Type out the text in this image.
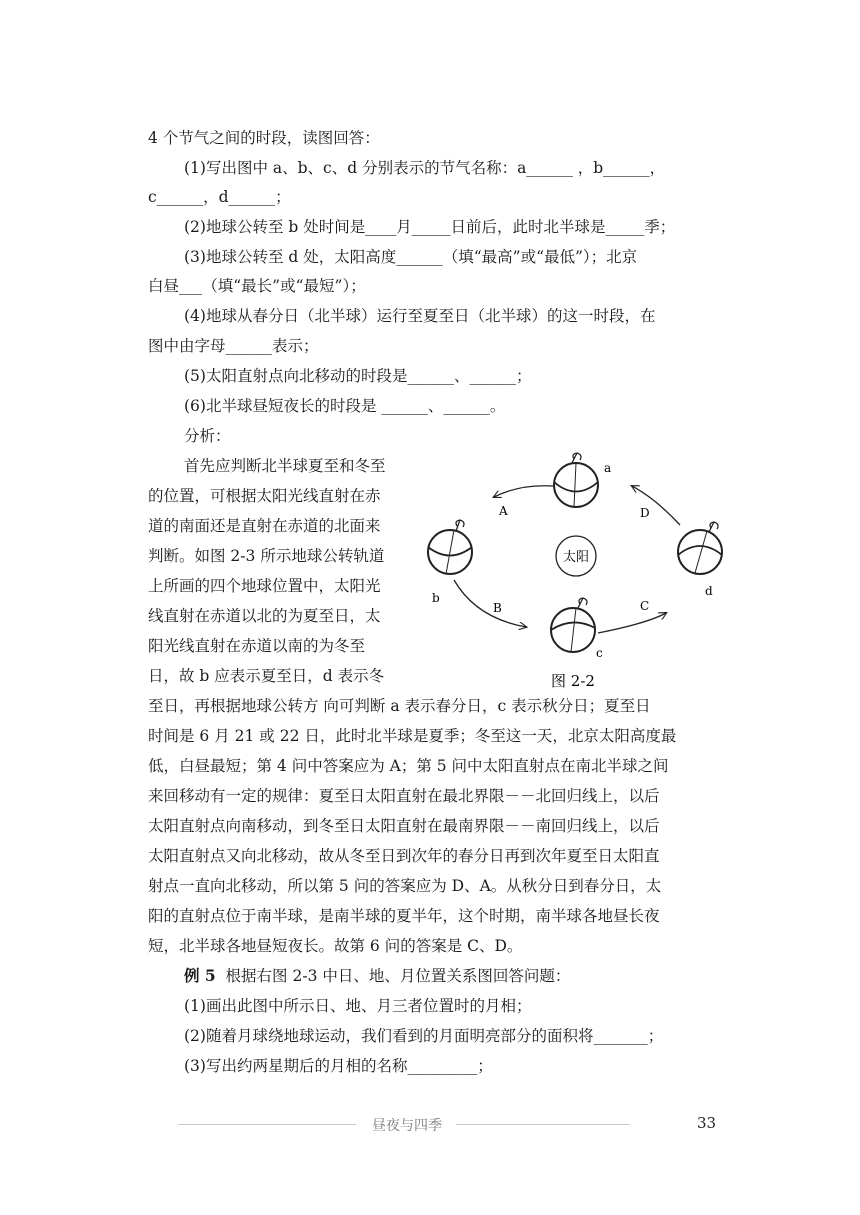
4 个节气之间的时段，读图回答：

(1)写出图中 a、b、c、d 分别表示的节气名称：a______ ，b______，

c______，d______；

(2)地球公转至 b 处时间是____月_____日前后，此时北半球是_____季；

(3)地球公转至 d 处，太阳高度______（填“最高”或“最低”）；北京

白昼___（填“最长”或“最短”）；

(4)地球从春分日（北半球）运行至夏至日（北半球）的这一时段，在

图中由字母______表示；

(5)太阳直射点向北移动的时段是______、______；

(6)北半球昼短夜长的时段是 ______、______。

分析：

首先应判断北半球夏至和冬至

的位置，可根据太阳光线直射在赤

道的南面还是直射在赤道的北面来

判断。如图 2-3 所示地球公转轨道

上所画的四个地球位置中，太阳光

线直射在赤道以北的为夏至日，太

阳光线直射在赤道以南的为冬至

日，故 b 应表示夏至日，d 表示冬

至日，再根据地球公转方 向可判断 a 表示春分日，c 表示秋分日；夏至日

时间是 6 月 21 或 22 日，此时北半球是夏季；冬至这一天，北京太阳高度最

低，白昼最短；第 4 问中答案应为 A；第 5 问中太阳直射点在南北半球之间

来回移动有一定的规律：夏至日太阳直射在最北界限－－北回归线上，以后

太阳直射点向南移动，到冬至日太阳直射在最南界限－－南回归线上，以后

太阳直射点又向北移动，故从冬至日到次年的春分日再到次年夏至日太阳直

射点一直向北移动，所以第 5 问的答案应为 D、A。从秋分日到春分日，太

阳的直射点位于南半球，是南半球的夏半年，这个时期，南半球各地昼长夜

短，北半球各地昼短夜长。故第 6 问的答案是 C、D。

例 5 根据右图 2-3 中日、地、月位置关系图回答问题：

(1)画出此图中所示日、地、月三者位置时的月相；

(2)随着月球绕地球运动，我们看到的月面明亮部分的面积将_______；

(3)写出约两星期后的月相的名称_________；

太阳
a
b
c
d
A
B	C
D
图 2-2
昼夜与四季	33
